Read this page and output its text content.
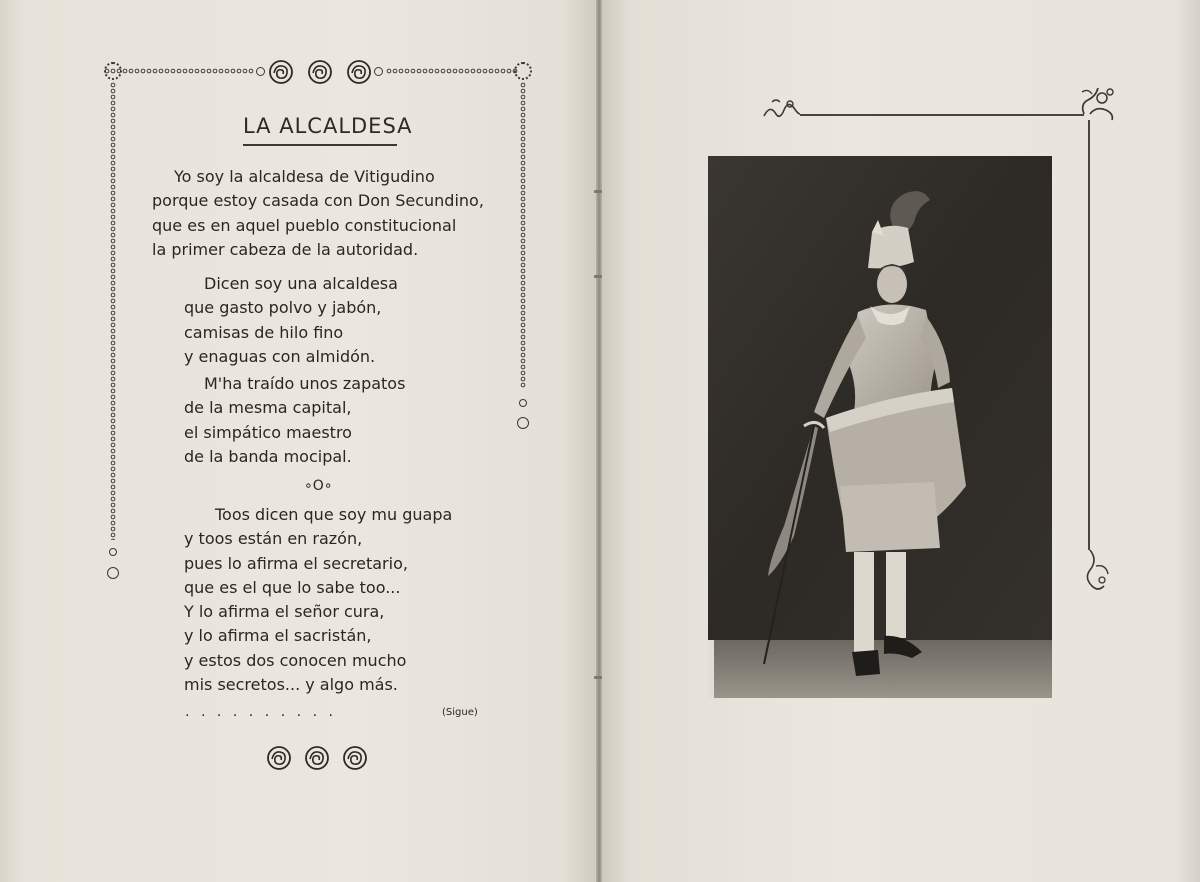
LA ALCALDESA
Yo soy la alcaldesa de Vitigudino
porque estoy casada con Don Secundino,
que es en aquel pueblo constitucional
la primer cabeza de la autoridad.
Dicen soy una alcaldesa
que gasto polvo y jabón,
camisas de hilo fino
y enaguas con almidón.
M'ha traído unos zapatos
de la mesma capital,
el simpático maestro
de la banda mocipal.
∘O∘
Toos dicen que soy mu guapa
y toos están en razón,
pues lo afirma el secretario,
que es el que lo sabe too...
Y lo afirma el señor cura,
y lo afirma el sacristán,
y estos dos conocen mucho
mis secretos... y algo más.
..........	(Sigue)
